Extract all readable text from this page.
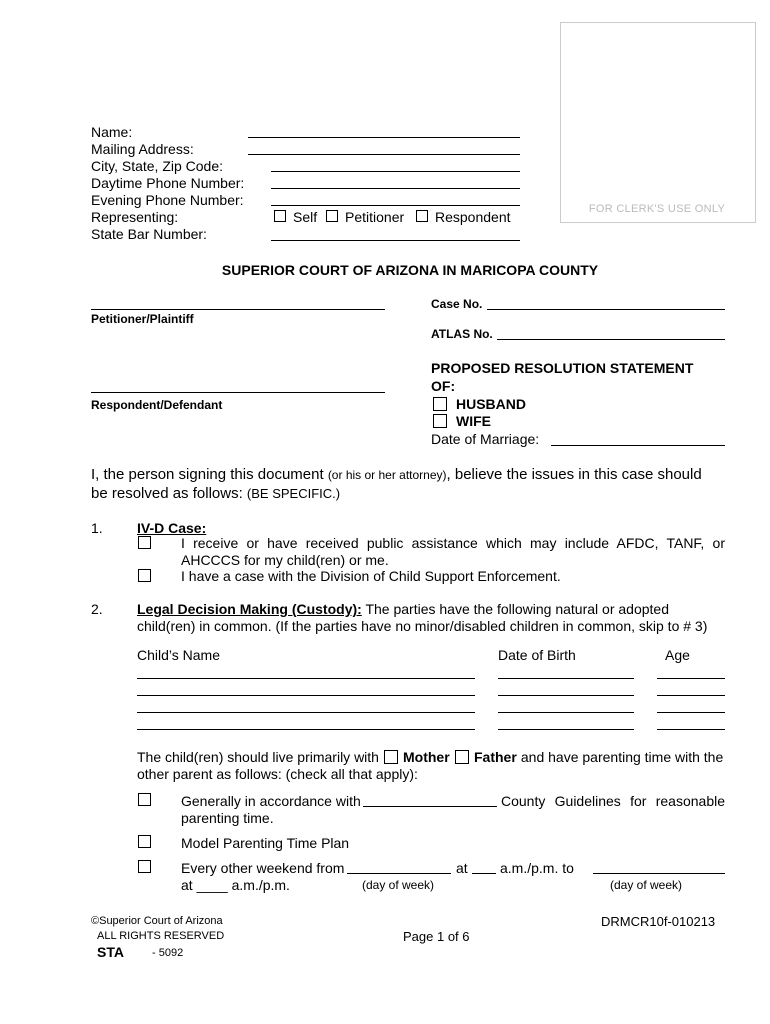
FOR CLERK'S USE ONLY
Name:
Mailing Address:
City, State, Zip Code:
Daytime Phone Number:
Evening Phone Number:
Representing:	Self Petitioner Respondent
State Bar Number:
SUPERIOR COURT OF ARIZONA IN MARICOPA COUNTY
Petitioner/Plaintiff
Respondent/Defendant
Case No.
ATLAS No.
PROPOSED RESOLUTION STATEMENT
OF:
HUSBAND
WIFE
Date of Marriage:
I, the person signing this document (or his or her attorney), believe the issues in this case should
be resolved as follows: (BE SPECIFIC.)
1. IV-D Case:
I receive or have received public assistance which may include AFDC, TANF, or
AHCCCS for my child(ren) or me.
I have a case with the Division of Child Support Enforcement.
2. Legal Decision Making (Custody): The parties have the following natural or adopted
child(ren) in common. (If the parties have no minor/disabled children in common, skip to # 3)
Child’s Name	Date of Birth	Age
The child(ren) should live primarily with Mother Father and have parenting time with the
other parent as follows: (check all that apply):
Generally in accordance with	County Guidelines for reasonable
parenting time.
Model Parenting Time Plan
Every other weekend from	at a.m./p.m. to
at ____ a.m./p.m.	(day of week)	(day of week)
©Superior Court of Arizona
ALL RIGHTS RESERVED
STA	- 5092
Page 1 of 6
DRMCR10f-010213
